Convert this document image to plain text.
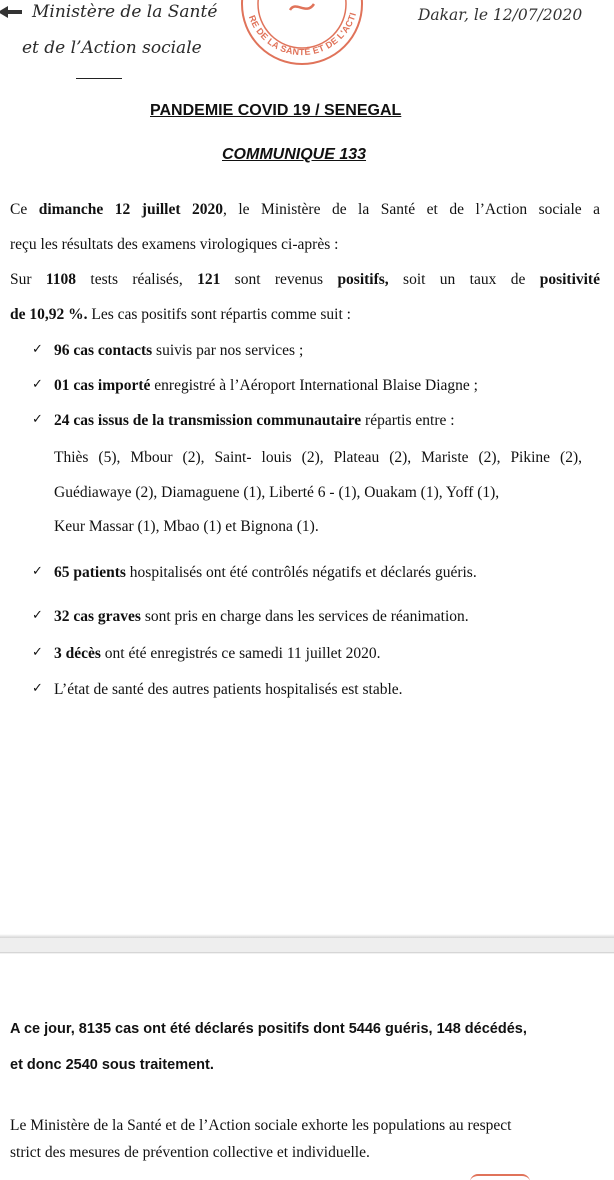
Ministère de la Santé
et de l’Action sociale
RE DE LA SANTÉ ET DE L'ACTI	Dakar, le 12/07/2020
PANDEMIE COVID 19 / SENEGAL
COMMUNIQUE 133
Ce dimanche 12 juillet 2020, le Ministère de la Santé et de l’Action sociale a
reçu les résultats des examens virologiques ci-après :
Sur 1108 tests réalisés, 121 sont revenus positifs, soit un taux de positivité
de 10,92 %. Les cas positifs sont répartis comme suit :
✓ 96 cas contacts suivis par nos services ;
✓ 01 cas importé enregistré à l’Aéroport International Blaise Diagne ;
✓ 24 cas issus de la transmission communautaire répartis entre :
Thiès (5), Mbour (2), Saint- louis (2), Plateau (2), Mariste (2), Pikine (2),
Guédiawaye (2), Diamaguene (1), Liberté 6 - (1), Ouakam (1), Yoff (1),
Keur Massar (1), Mbao (1) et Bignona (1).
✓ 65 patients hospitalisés ont été contrôlés négatifs et déclarés guéris.
✓ 32 cas graves sont pris en charge dans les services de réanimation.
✓ 3 décès ont été enregistrés ce samedi 11 juillet 2020.
✓ L’état de santé des autres patients hospitalisés est stable.
A ce jour, 8135 cas ont été déclarés positifs dont 5446 guéris, 148 décédés,
et donc 2540 sous traitement.
Le Ministère de la Santé et de l’Action sociale exhorte les populations au respect
strict des mesures de prévention collective et individuelle.
